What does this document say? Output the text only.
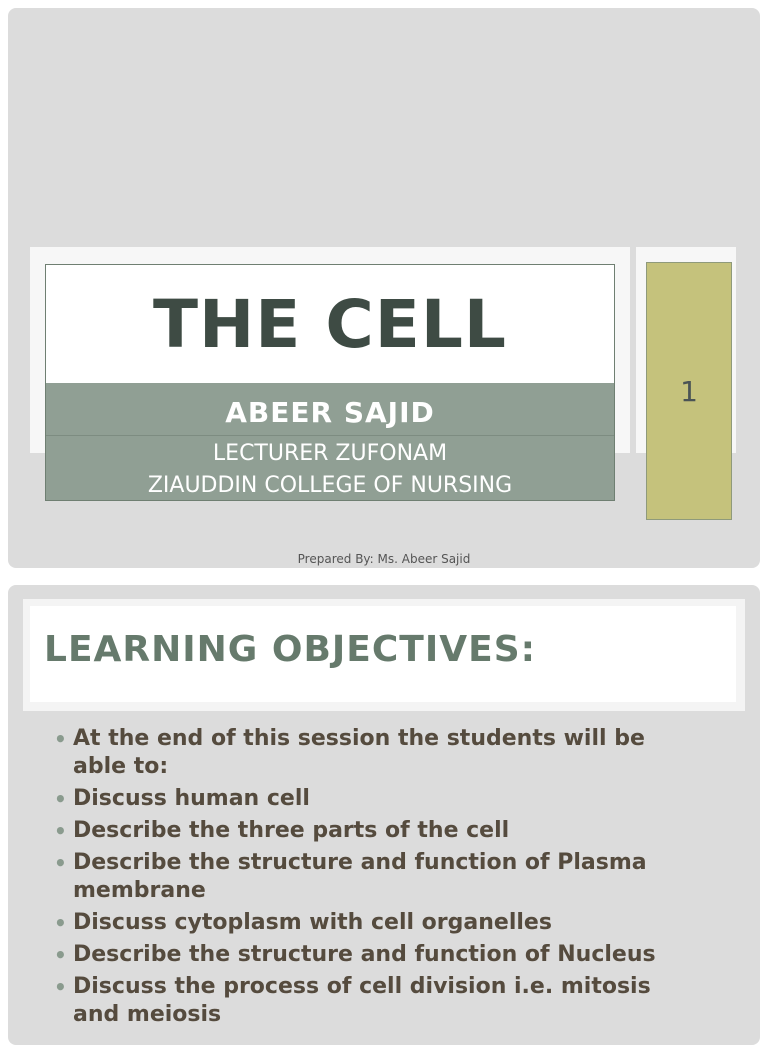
THE CELL
ABEER SAJID
LECTURER ZUFONAM
ZIAUDDIN COLLEGE OF NURSING
1
Prepared By: Ms. Abeer Sajid
LEARNING OBJECTIVES:
• At the end of this session the students will be able to:
• Discuss human cell
• Describe the three parts of the cell
• Describe the structure and function of Plasma membrane
• Discuss cytoplasm with cell organelles
• Describe the structure and function of Nucleus
• Discuss the process of cell division i.e. mitosis and meiosis
